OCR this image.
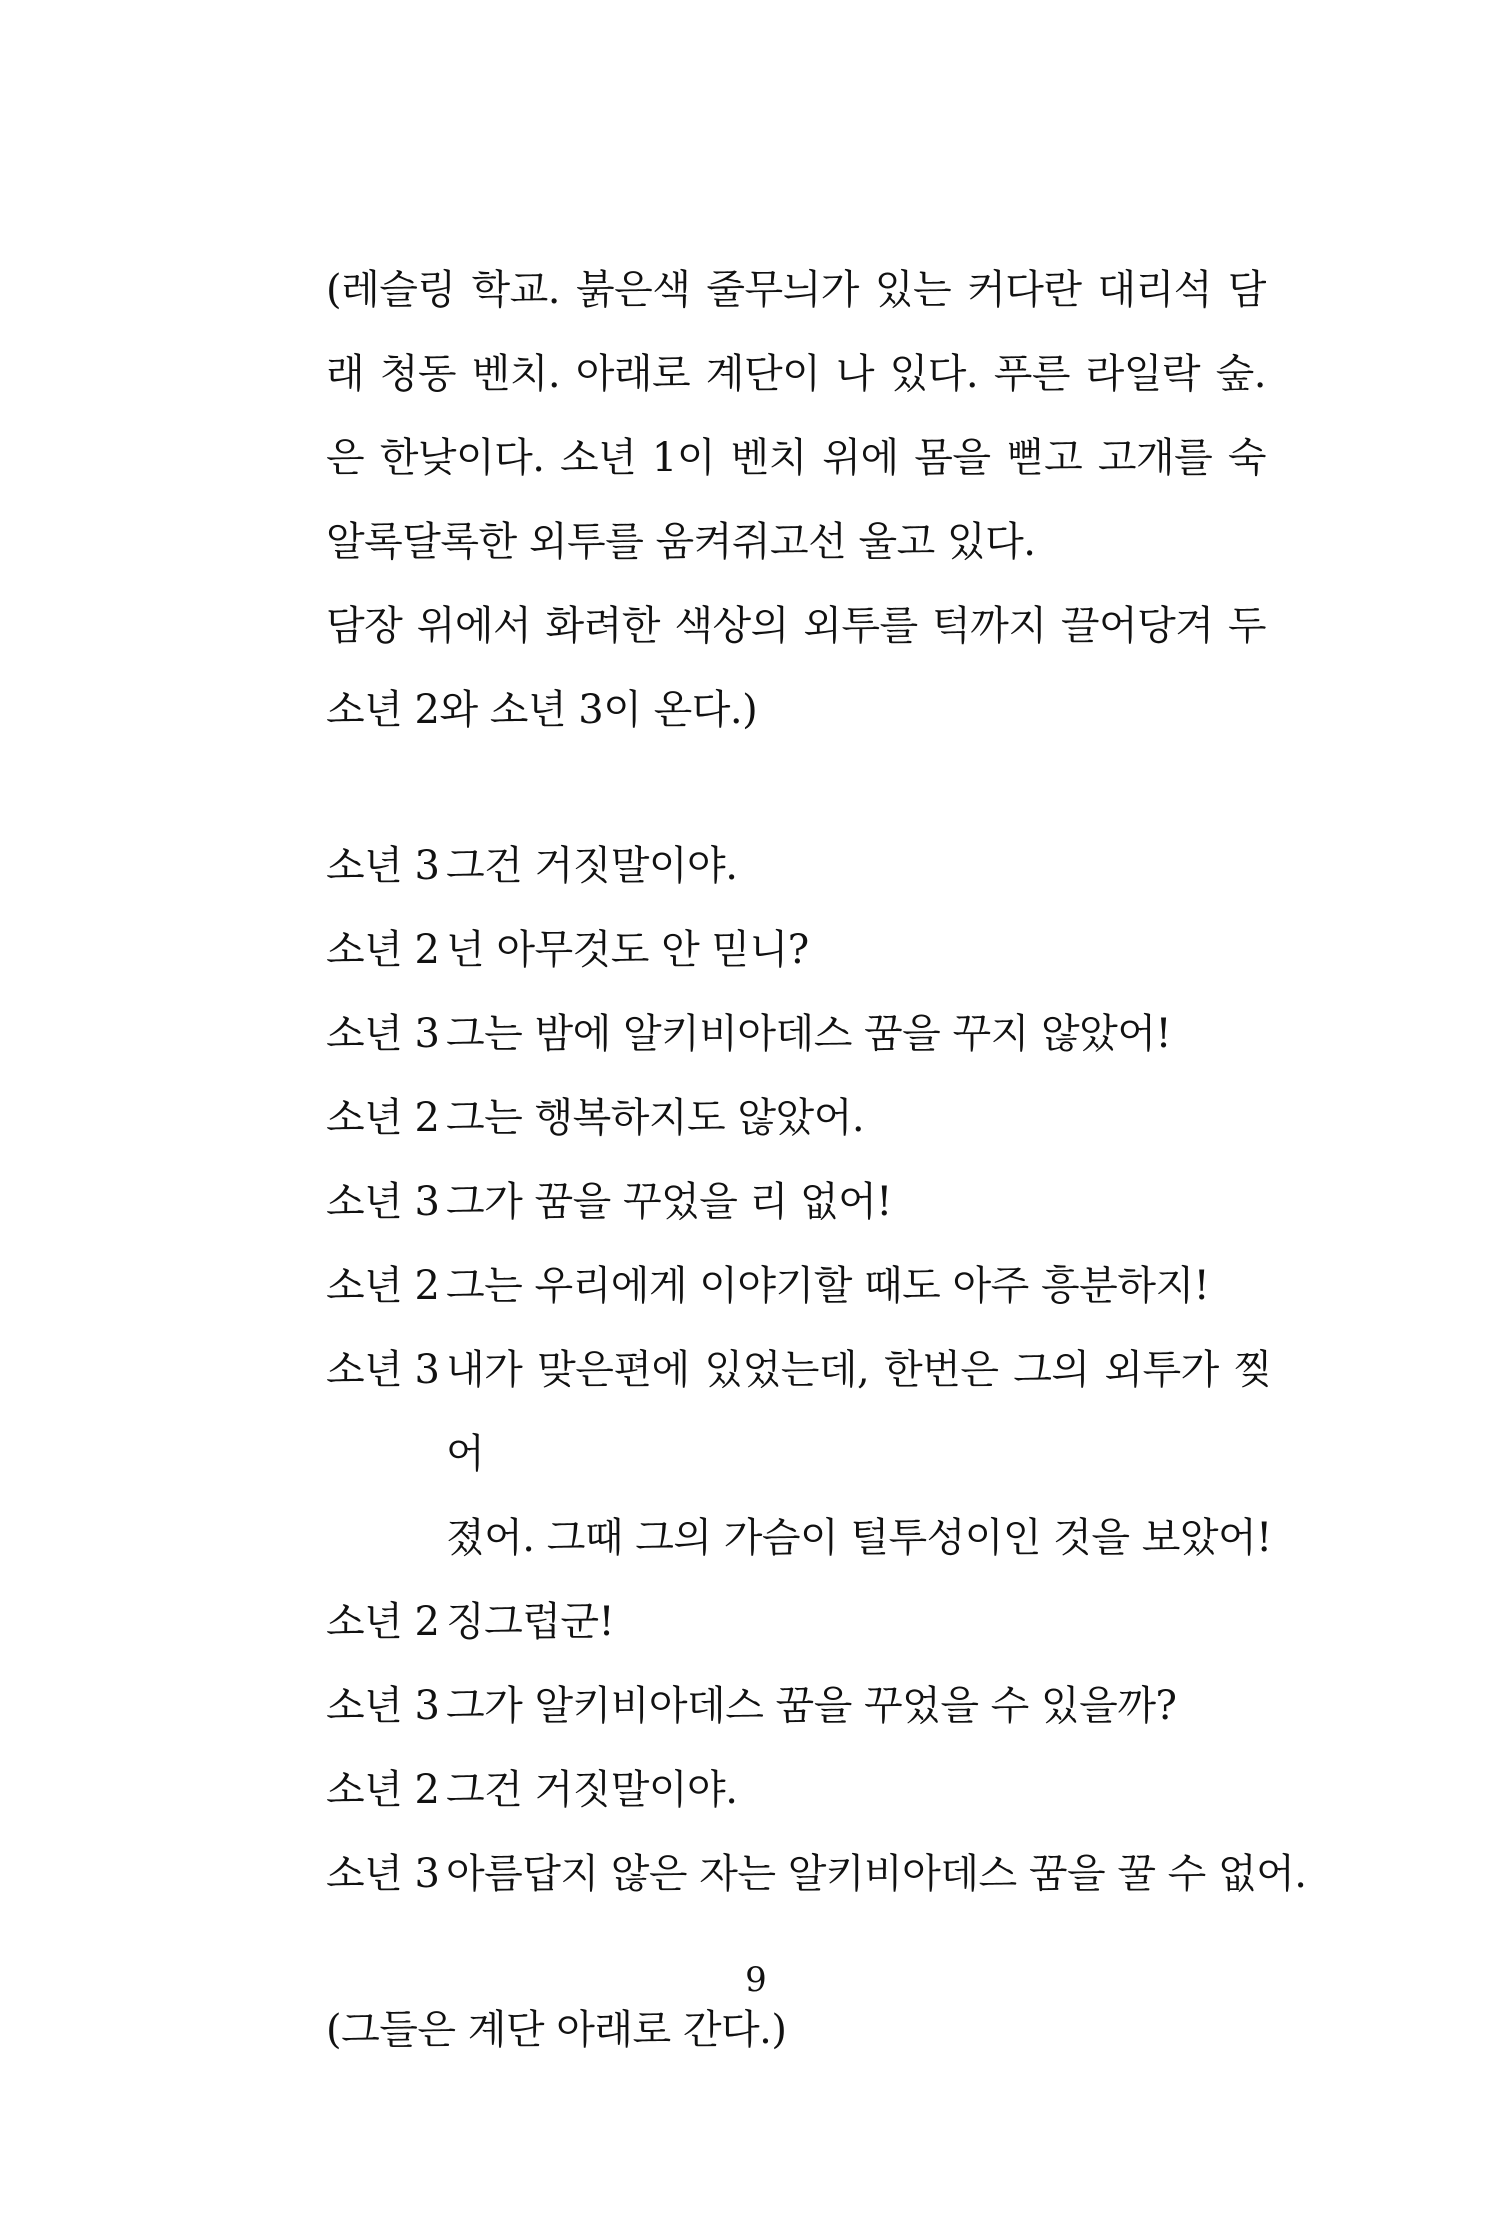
(레슬링 학교. 붉은색 줄무늬가 있는 커다란 대리석 담
래 청동 벤치. 아래로 계단이 나 있다. 푸른 라일락 숲.
은 한낮이다. 소년 1이 벤치 위에 몸을 뻗고 고개를 숙
알록달록한 외투를 움켜쥐고선 울고 있다.
담장 위에서 화려한 색상의 외투를 턱까지 끌어당겨 두
소년 2와 소년 3이 온다.)
소년 3 그건 거짓말이야.
소년 2 넌 아무것도 안 믿니?
소년 3 그는 밤에 알키비아데스 꿈을 꾸지 않았어!
소년 2 그는 행복하지도 않았어.
소년 3 그가 꿈을 꾸었을 리 없어!
소년 2 그는 우리에게 이야기할 때도 아주 흥분하지!
소년 3 내가 맞은편에 있었는데, 한번은 그의 외투가 찢어
졌어. 그때 그의 가슴이 털투성이인 것을 보았어!
소년 2 징그럽군!
소년 3 그가 알키비아데스 꿈을 꾸었을 수 있을까?
소년 2 그건 거짓말이야.
소년 3 아름답지 않은 자는 알키비아데스 꿈을 꿀 수 없어.
(그들은 계단 아래로 간다.)
9
